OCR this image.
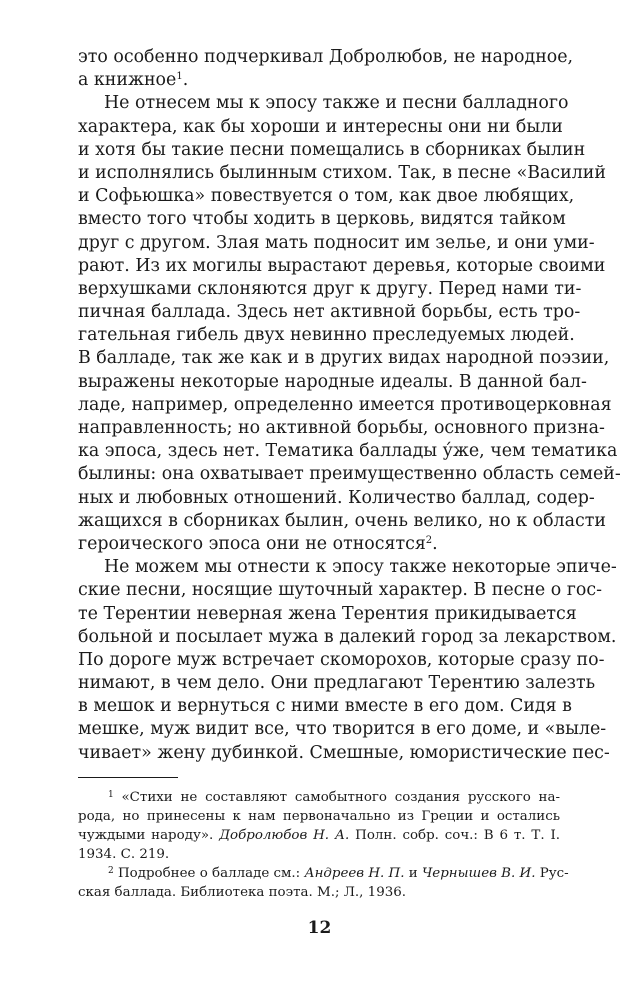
это особенно подчеркивал Добролюбов, не народное,
а книжное$^1$.
Не отнесем мы к эпосу также и песни балладного
характера, как бы хороши и интересны они ни были
и хотя бы такие песни помещались в сборниках былин
и исполнялись былинным стихом. Так, в песне «Василий
и Софьюшка» повествуется о том, как двое любящих,
вместо того чтобы ходить в церковь, видятся тайком
друг с другом. Злая мать подносит им зелье, и они уми-
рают. Из их могилы вырастают деревья, которые своими
верхушками склоняются друг к другу. Перед нами ти-
пичная баллада. Здесь нет активной борьбы, есть тро-
гательная гибель двух невинно преследуемых людей.
В балладе, так же как и в других видах народной поэзии,
выражены некоторые народные идеалы. В данной бал-
ладе, например, определенно имеется противоцерковная
направленность; но активной борьбы, основного призна-
ка эпоса, здесь нет. Тематика баллады у́же, чем тематика
былины: она охватывает преимущественно область семей-
ных и любовных отношений. Количество баллад, содер-
жащихся в сборниках былин, очень велико, но к области
героического эпоса они не относятся$^2$.
Не можем мы отнести к эпосу также некоторые эпиче-
ские песни, носящие шуточный характер. В песне о гос-
те Терентии неверная жена Терентия прикидывается
больной и посылает мужа в далекий город за лекарством.
По дороге муж встречает скоморохов, которые сразу по-
нимают, в чем дело. Они предлагают Терентию залезть
в мешок и вернуться с ними вместе в его дом. Сидя в
мешке, муж видит все, что творится в его доме, и «выле-
чивает» жену дубинкой. Смешные, юмористические пес-
$^1$ «Стихи не составляют самобытного создания русского на-
рода, но принесены к нам первоначально из Греции и остались
чуждыми народу». Добролюбов Н. А. Полн. собр. соч.: В 6 т. Т. I.
1934. С. 219.
$^2$ Подробнее о балладе см.: Андреев Н. П. и Чернышев В. И. Рус-
ская баллада. Библиотека поэта. М.; Л., 1936.
12
